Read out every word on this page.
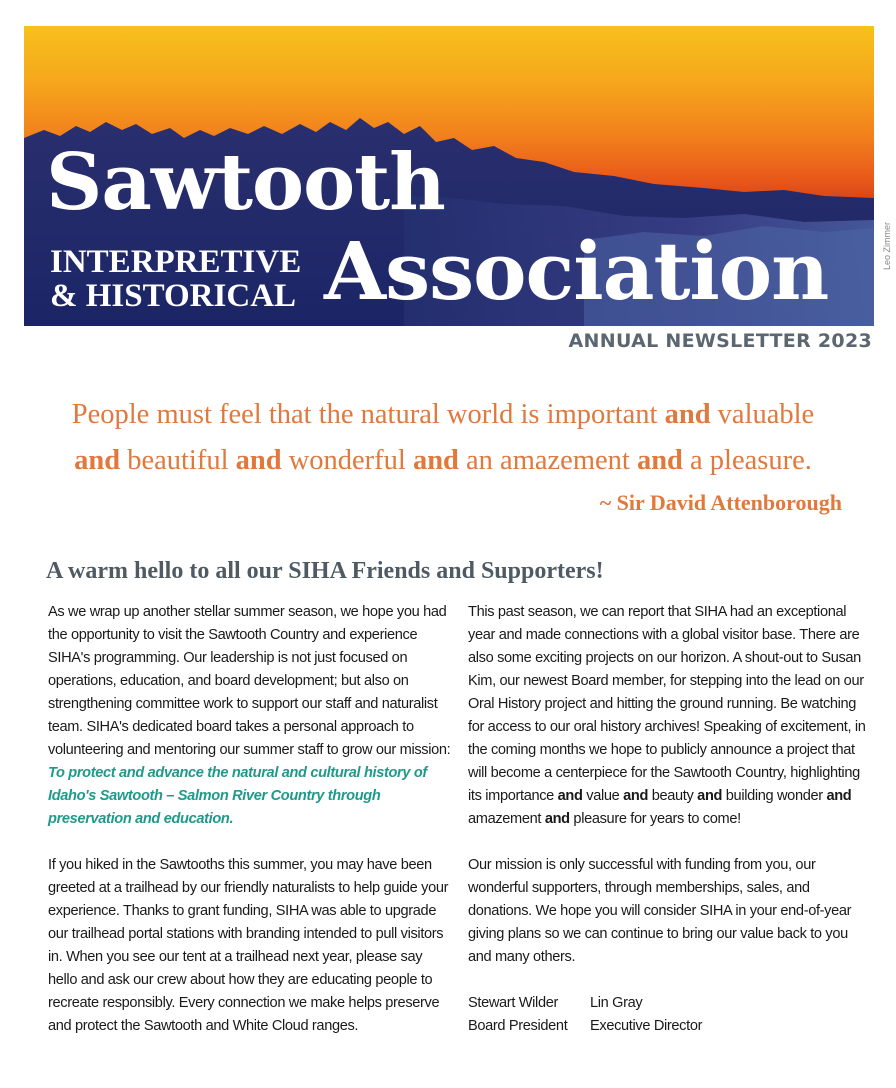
Sawtooth
INTERPRETIVE
& HISTORICAL Association	Leo Zimmer
ANNUAL NEWSLETTER 2023
People must feel that the natural world is important and valuable
and beautiful and wonderful and an amazement and a pleasure.
~ Sir David Attenborough
A warm hello to all our SIHA Friends and Supporters!

As we wrap up another stellar summer season, we hope you had the opportunity to visit the Sawtooth Country and experience SIHA's programming. Our leadership is not just focused on operations, education, and board development; but also on strengthening committee work to support our staff and naturalist team. SIHA's dedicated board takes a personal approach to volunteering and mentoring our summer staff to grow our mission: To protect and advance the natural and cultural history of Idaho's Sawtooth – Salmon River Country through preservation and education.

If you hiked in the Sawtooths this summer, you may have been greeted at a trailhead by our friendly naturalists to help guide your experience. Thanks to grant funding, SIHA was able to upgrade our trailhead portal stations with branding intended to pull visitors in. When you see our tent at a trailhead next year, please say hello and ask our crew about how they are educating people to recreate responsibly. Every connection we make helps preserve and protect the Sawtooth and White Cloud ranges.

This past season, we can report that SIHA had an exceptional year and made connections with a global visitor base. There are also some exciting projects on our horizon. A shout-out to Susan Kim, our newest Board member, for stepping into the lead on our Oral History project and hitting the ground running. Be watching for access to our oral history archives! Speaking of excitement, in the coming months we hope to publicly announce a project that will become a centerpiece for the Sawtooth Country, highlighting its importance and value and beauty and building wonder and amazement and pleasure for years to come!

Our mission is only successful with funding from you, our wonderful supporters, through memberships, sales, and donations. We hope you will consider SIHA in your end-of-year giving plans so we can continue to bring our value back to you and many others.

Stewart Wilder	Lin Gray
Board President	Executive Director
